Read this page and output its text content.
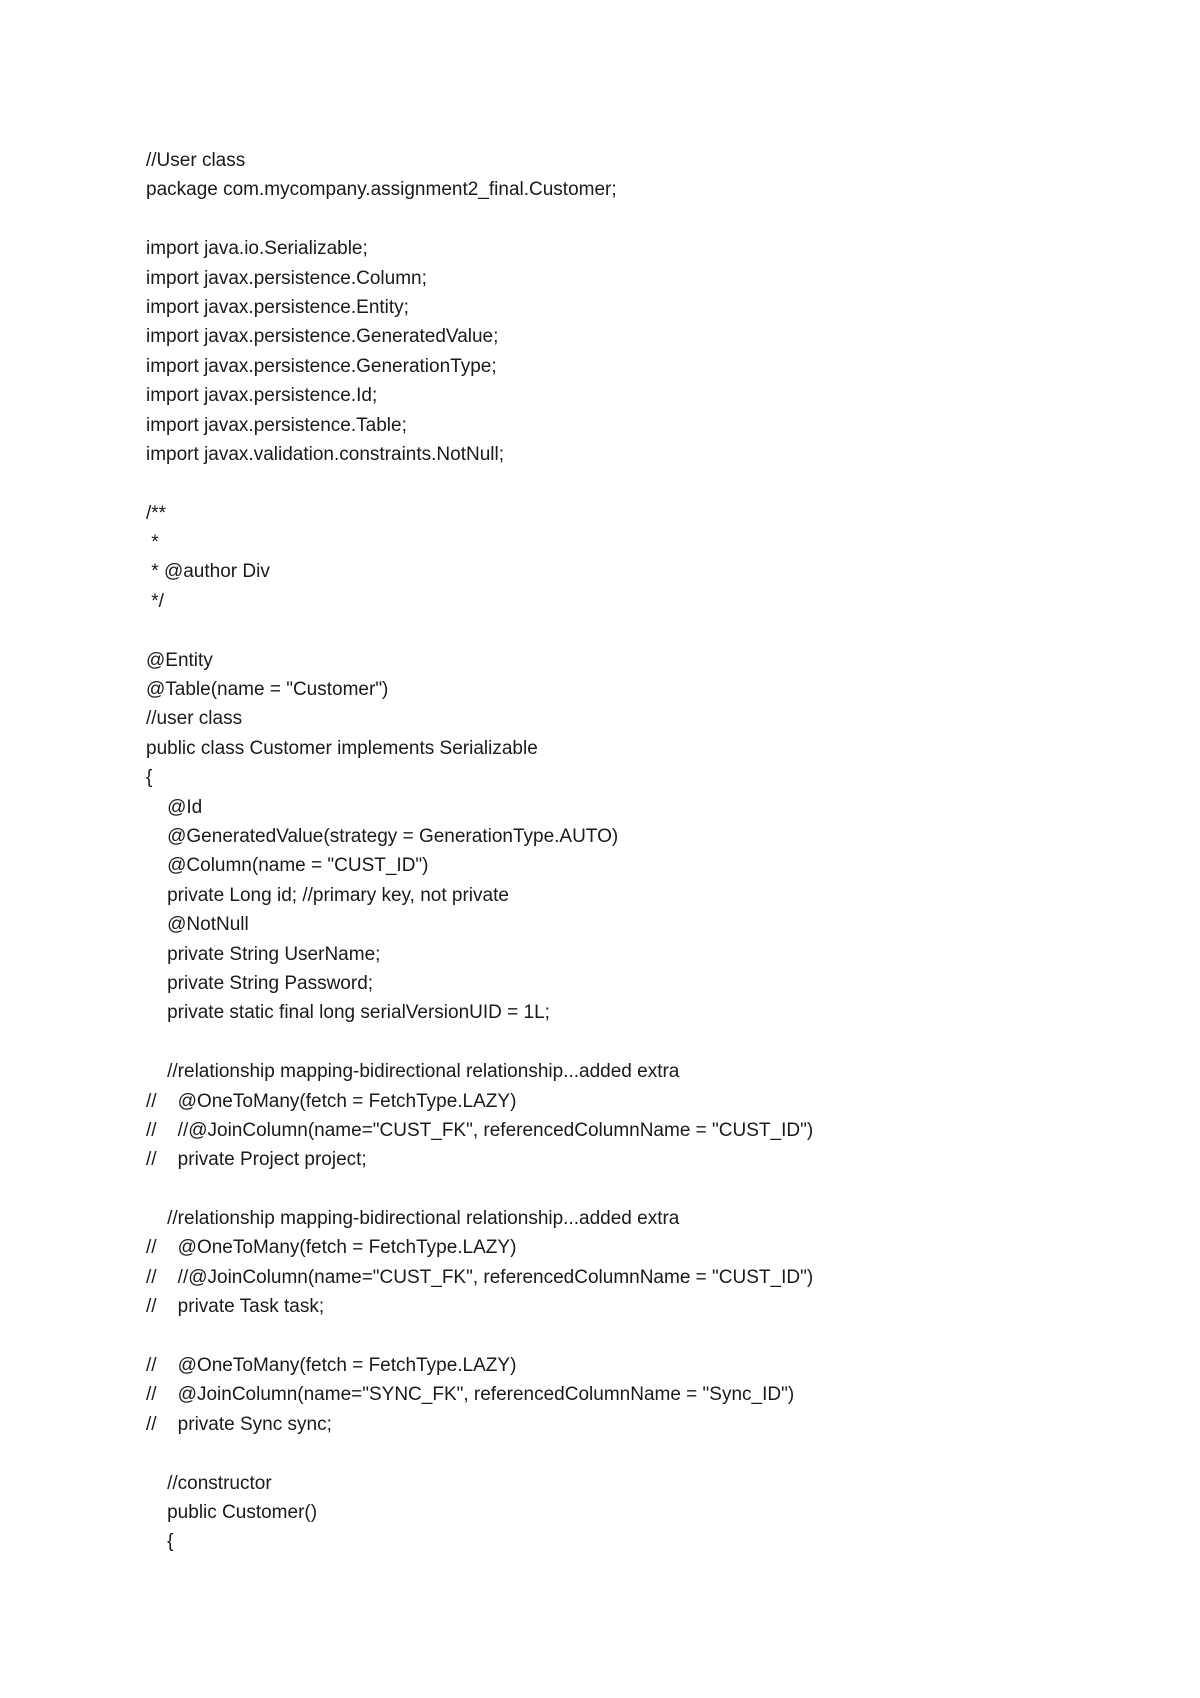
//User class
package com.mycompany.assignment2_final.Customer;
import java.io.Serializable;
import javax.persistence.Column;
import javax.persistence.Entity;
import javax.persistence.GeneratedValue;
import javax.persistence.GenerationType;
import javax.persistence.Id;
import javax.persistence.Table;
import javax.validation.constraints.NotNull;
/**
*
* @author Div
*/
@Entity
@Table(name = "Customer")
//user class
public class Customer implements Serializable
{
@Id
@GeneratedValue(strategy = GenerationType.AUTO)
@Column(name = "CUST_ID")
private Long id; //primary key, not private
@NotNull
private String UserName;
private String Password;
private static final long serialVersionUID = 1L;
//relationship mapping-bidirectional relationship...added extra
//    @OneToMany(fetch = FetchType.LAZY)
//    //@JoinColumn(name="CUST_FK", referencedColumnName = "CUST_ID")
//    private Project project;
//relationship mapping-bidirectional relationship...added extra
//    @OneToMany(fetch = FetchType.LAZY)
//    //@JoinColumn(name="CUST_FK", referencedColumnName = "CUST_ID")
//    private Task task;
//    @OneToMany(fetch = FetchType.LAZY)
//    @JoinColumn(name="SYNC_FK", referencedColumnName = "Sync_ID")
//    private Sync sync;
//constructor
public Customer()
{
